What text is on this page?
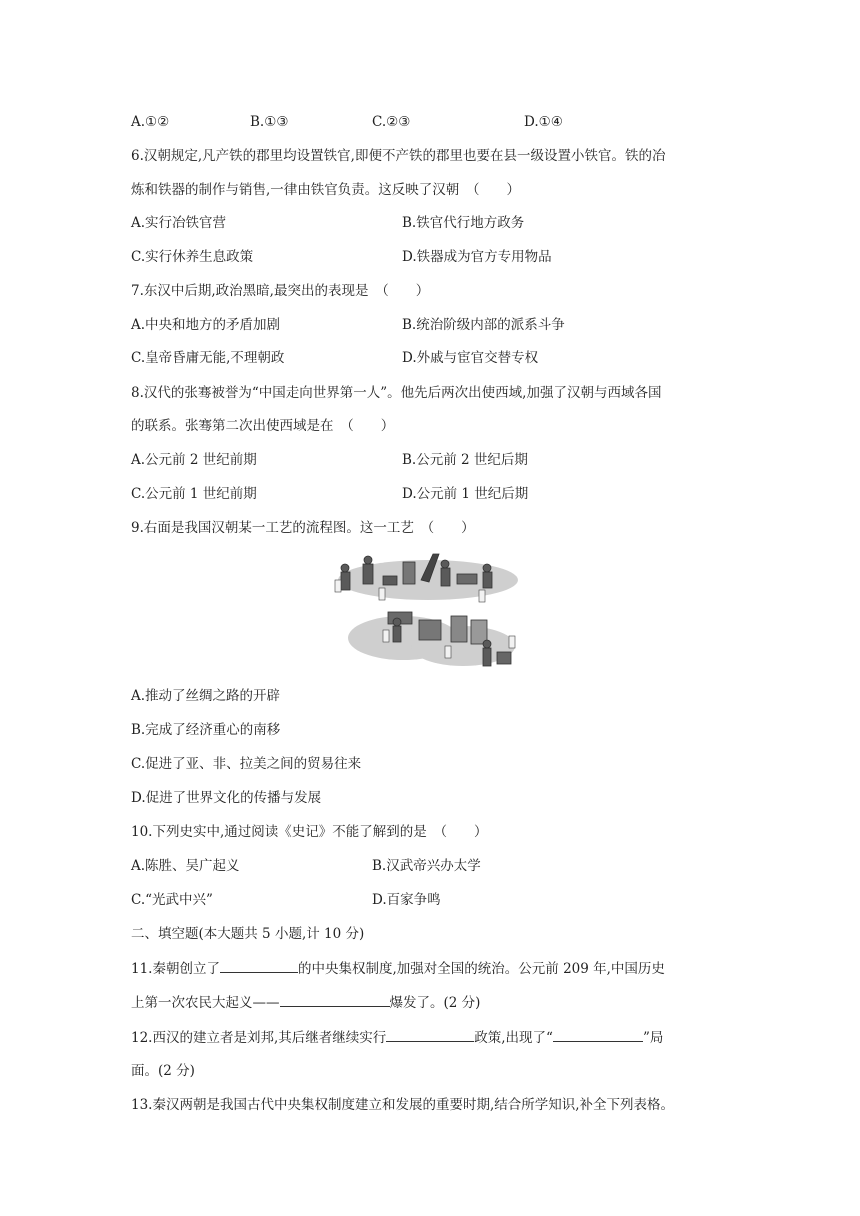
A.①②	B.①③	C.②③	D.①④
6.汉朝规定,凡产铁的郡里均设置铁官,即便不产铁的郡里也要在县一级设置小铁官。铁的冶
炼和铁器的制作与销售,一律由铁官负责。这反映了汉朝　（　　）
A.实行冶铁官营	B.铁官代行地方政务
C.实行休养生息政策	D.铁器成为官方专用物品
7.东汉中后期,政治黑暗,最突出的表现是　（　　）
A.中央和地方的矛盾加剧	B.统治阶级内部的派系斗争
C.皇帝昏庸无能,不理朝政	D.外戚与宦官交替专权
8.汉代的张骞被誉为“中国走向世界第一人”。他先后两次出使西域,加强了汉朝与西域各国
的联系。张骞第二次出使西域是在　（　　）
A.公元前 2 世纪前期	B.公元前 2 世纪后期
C.公元前 1 世纪前期	D.公元前 1 世纪后期
9.右面是我国汉朝某一工艺的流程图。这一工艺　（　　）
A.推动了丝绸之路的开辟
B.完成了经济重心的南移
C.促进了亚、非、拉美之间的贸易往来
D.促进了世界文化的传播与发展
10.下列史实中,通过阅读《史记》不能了解到的是　（　　）
A.陈胜、吴广起义	B.汉武帝兴办太学
C.“光武中兴”	D.百家争鸣
二、填空题(本大题共 5 小题,计 10 分)
11.秦朝创立了	的中央集权制度,加强对全国的统治。公元前 209 年,中国历史
上第一次农民大起义——	爆发了。(2 分)
12.西汉的建立者是刘邦,其后继者继续实行	政策,出现了“	”局
面。(2 分)
13.秦汉两朝是我国古代中央集权制度建立和发展的重要时期,结合所学知识,补全下列表格。
